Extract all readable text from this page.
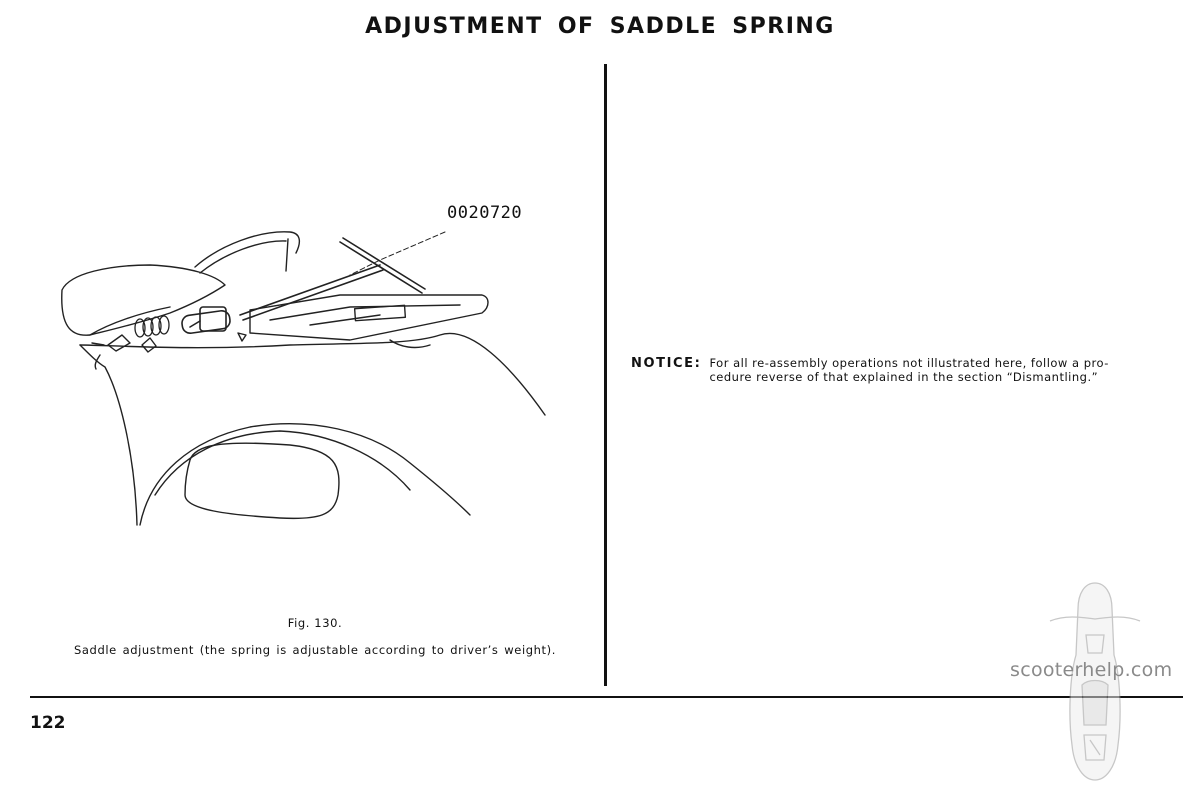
ADJUSTMENT OF SADDLE SPRING
0020720
Fig. 130.
Saddle adjustment (the spring is adjustable according to driver’s weight).
NOTICE: For all re-assembly operations not illustrated here, follow a pro-
cedure reverse of that explained in the section “Dismantling.”
122
scooterhelp.com
